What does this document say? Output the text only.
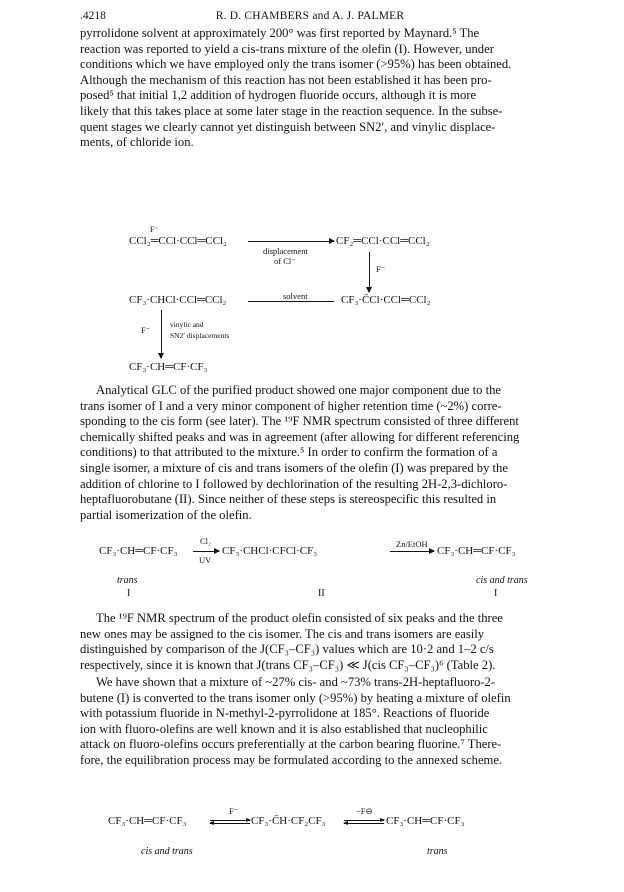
.4218	R. D. CHAMBERS and A. J. PALMER
pyrrolidone solvent at approximately 200° was first reported by Maynard.⁵ The
reaction was reported to yield a cis-trans mixture of the olefin (I). However, under
conditions which we have employed only the trans isomer (>95%) has been obtained.
Although the mechanism of this reaction has not been established it has been pro-
posed⁵ that initial 1,2 addition of hydrogen fluoride occurs, although it is more
likely that this takes place at some later stage in the reaction sequence. In the subse-
quent stages we clearly cannot yet distinguish between SN2′, and vinylic displace-
ments, of chloride ion.
F⁻
CCl₂═CCl·CCl═CCl₂
displacement
of Cl⁻
CF₂═CCl·CCl═CCl₂
F⁻
CF₃·CHCl·CCl═CCl₂	solvent	CF₃·C̄Cl·CCl═CCl₂
F⁻
vinylic and
SN2′ displacements
CF₃·CH═CF·CF₃
Analytical GLC of the purified product showed one major component due to the
trans isomer of I and a very minor component of higher retention time (~2%) corre-
sponding to the cis form (see later). The ¹⁹F NMR spectrum consisted of three different
chemically shifted peaks and was in agreement (after allowing for different referencing
conditions) to that attributed to the mixture.⁵ In order to confirm the formation of a
single isomer, a mixture of cis and trans isomers of the olefin (I) was prepared by the
addition of chlorine to I followed by dechlorination of the resulting 2H-2,3-dichloro-
heptafluorobutane (II). Since neither of these steps is stereospecific this resulted in
partial isomerization of the olefin.
CF₃·CH═CF·CF₃
Cl₂
UV
CF₃·CHCl·CFCl·CF₃
Zn/EtOH
→ CF₃·CH═CF·CF₃
trans
I	II
cis and trans
I
The ¹⁹F NMR spectrum of the product olefin consisted of six peaks and the three
new ones may be assigned to the cis isomer. The cis and trans isomers are easily
distinguished by comparison of the J(CF₃–CF₃) values which are 10·2 and 1–2 c/s
respectively, since it is known that J(trans CF₃–CF₃) ≪ J(cis CF₃–CF₃)⁶ (Table 2).
We have shown that a mixture of ~27% cis- and ~73% trans-2H-heptafluoro-2-
butene (I) is converted to the trans isomer only (>95%) by heating a mixture of olefin
with potassium fluoride in N-methyl-2-pyrrolidone at 185°. Reactions of fluoride
ion with fluoro-olefins are well known and it is also established that nucleophilic
attack on fluoro-olefins occurs preferentially at the carbon bearing fluorine.⁷ There-
fore, the equilibration process may be formulated according to the annexed scheme.
CF₃·CH═CF·CF₃
F⁻
⇌ CF₃·C̄H·CF₂CF₃
−F⊖
⇌ CF₃·CH═CF·CF₃
cis and trans	trans
